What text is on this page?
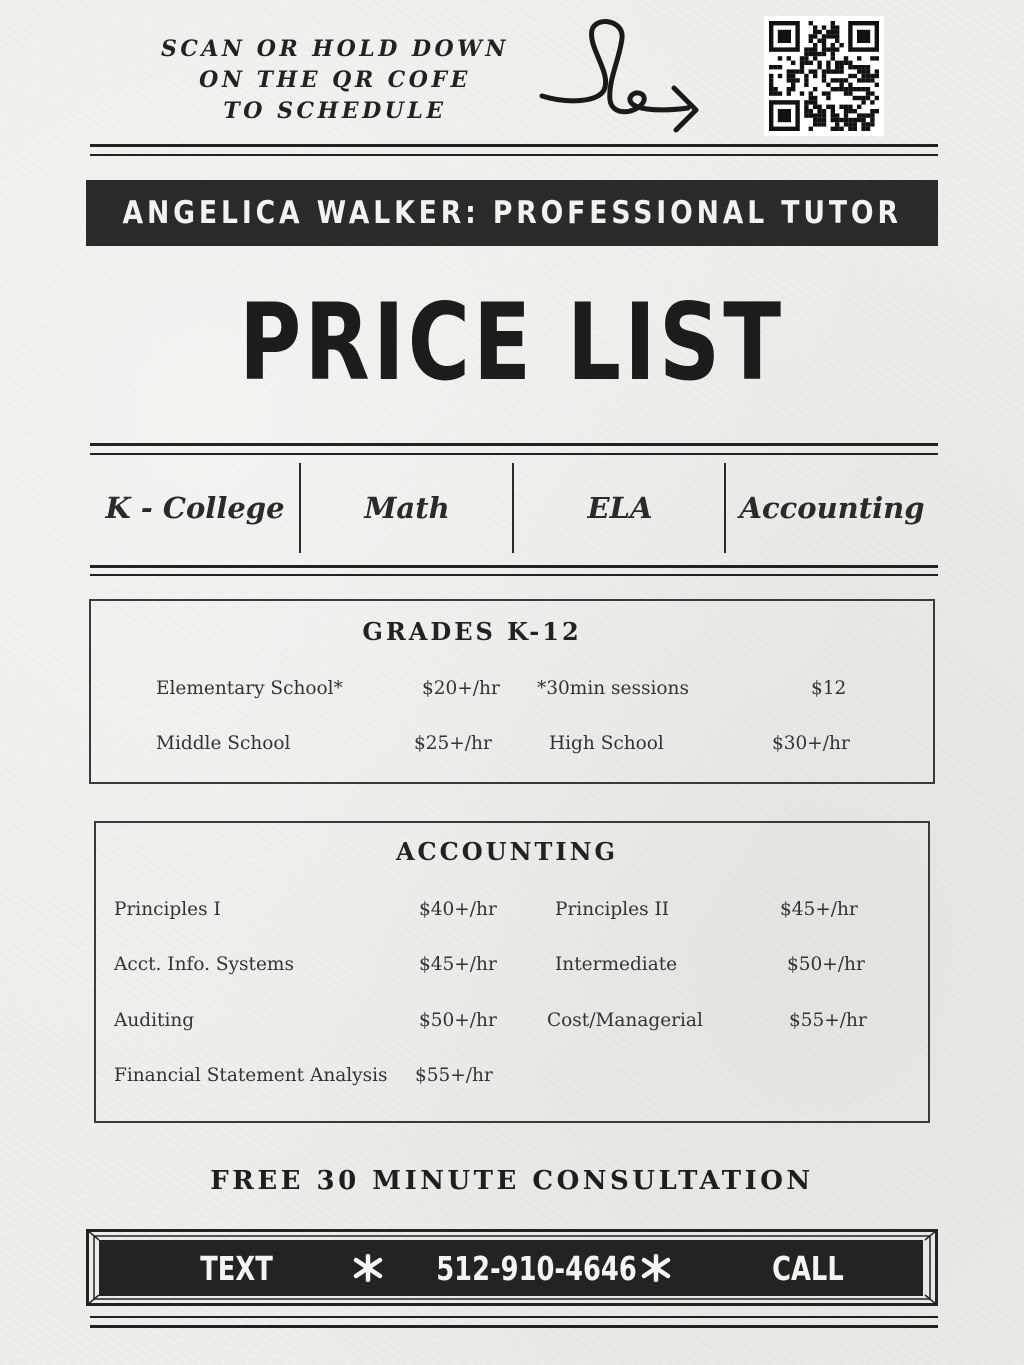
SCAN OR HOLD DOWN
ON THE QR COFE
TO SCHEDULE
ANGELICA WALKER: PROFESSIONAL TUTOR
PRICE LIST
K - College	Math	ELA	Accounting
GRADES K-12
Elementary School*	$20+/hr *30min sessions	$12
Middle School	$25+/hr	High School	$30+/hr
ACCOUNTING
Principles I	$40+/hr	Principles II	$45+/hr
Acct. Info. Systems	$45+/hr	Intermediate	$50+/hr
Auditing	$50+/hr	Cost/Managerial	$55+/hr
Financial Statement Analysis $55+/hr
FREE 30 MINUTE CONSULTATION
TEXT	512-910-4646	CALL
